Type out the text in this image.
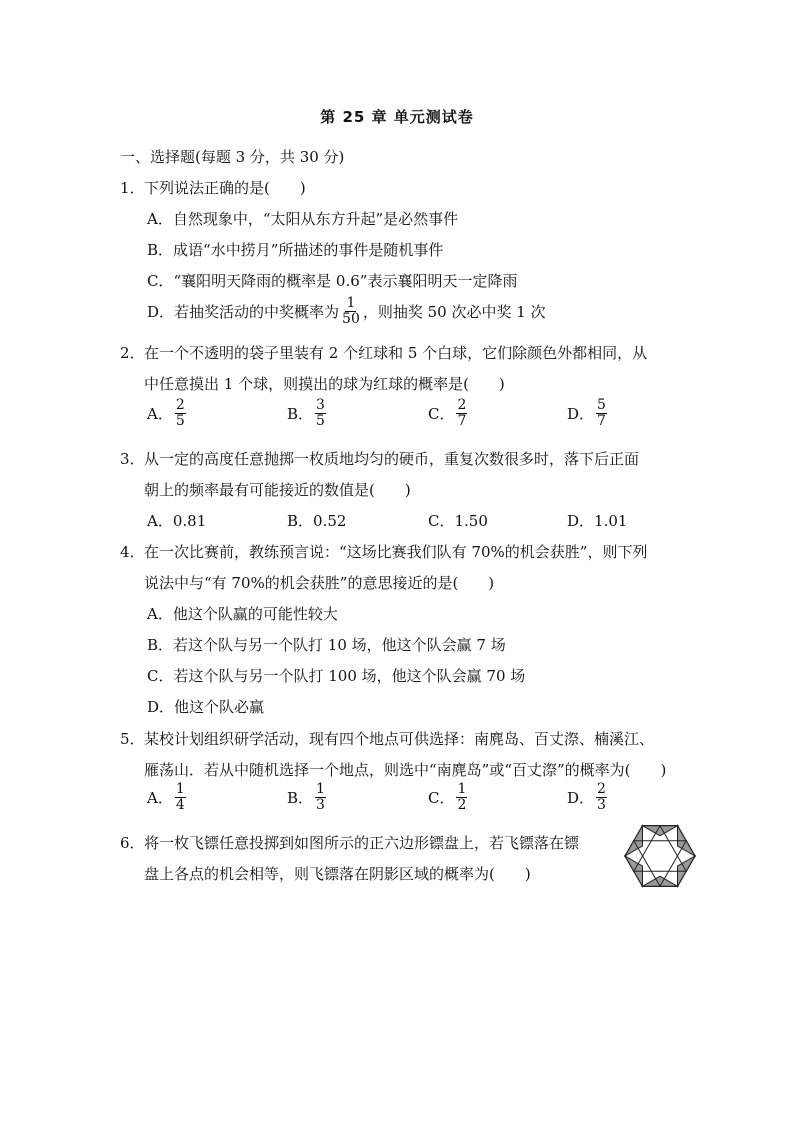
第 25 章 单元测试卷
一、选择题(每题 3 分，共 30 分)
1． 下列说法正确的是(　　)
A．自然现象中，“太阳从东方升起”是必然事件
B．成语“水中捞月”所描述的事件是随机事件
C．“襄阳明天降雨的概率是 0.6”表示襄阳明天一定降雨
D．若抽奖活动的中奖概率为 $\frac{1}{50}$ ，则抽奖 50 次必中奖 1 次
2． 在一个不透明的袋子里装有 2 个红球和 5 个白球，它们除颜色外都相同，从
中任意摸出 1 个球，则摸出的球为红球的概率是(　　)
A． $\frac{2}{5}$	B． $\frac{3}{5}$	C． $\frac{2}{7}$	D． $\frac{5}{7}$
3． 从一定的高度任意抛掷一枚质地均匀的硬币，重复次数很多时，落下后正面
朝上的频率最有可能接近的数值是(　　)
A．0.81	B．0.52	C．1.50	D．1.01
4． 在一次比赛前，教练预言说：“这场比赛我们队有 70%的机会获胜”，则下列
说法中与“有 70%的机会获胜”的意思接近的是(　　)
A．他这个队赢的可能性较大
B．若这个队与另一个队打 10 场，他这个队会赢 7 场
C．若这个队与另一个队打 100 场，他这个队会赢 70 场
D．他这个队必赢
5． 某校计划组织研学活动，现有四个地点可供选择：南麂岛、百丈漈、楠溪江、
雁荡山．若从中随机选择一个地点，则选中“南麂岛”或“百丈漈”的概率为(　　)
A． $\frac{1}{4}$	B． $\frac{1}{3}$	C． $\frac{1}{2}$	D． $\frac{2}{3}$
6． 将一枚飞镖任意投掷到如图所示的正六边形镖盘上，若飞镖落在镖
盘上各点的机会相等，则飞镖落在阴影区域的概率为(　　)
